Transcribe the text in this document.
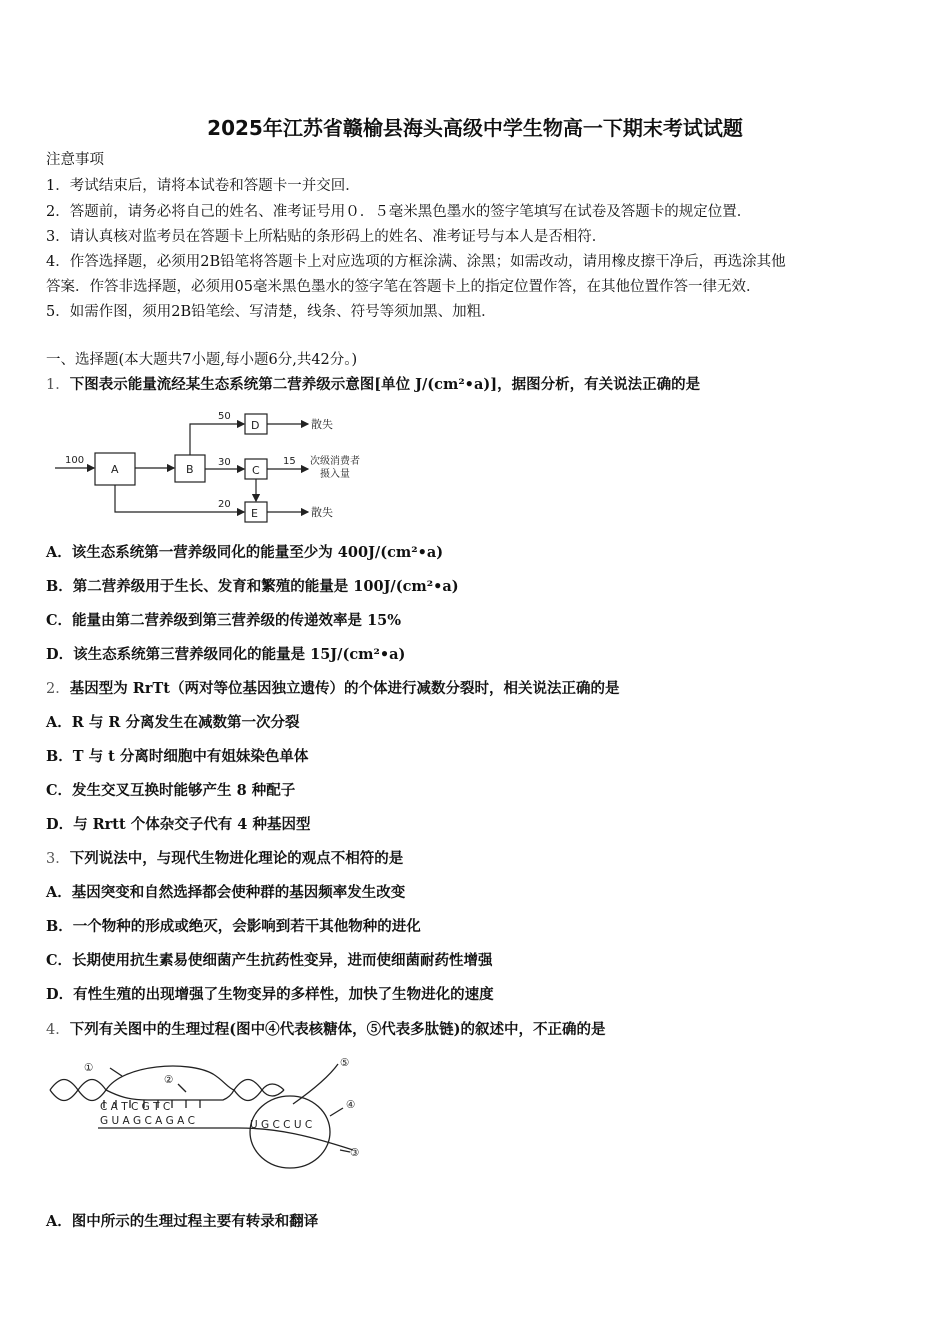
2025年江苏省赣榆县海头高级中学生物高一下期末考试试题
注意事项
1．考试结束后，请将本试卷和答题卡一并交回．
2．答题前，请务必将自己的姓名、准考证号用０．５毫米黑色墨水的签字笔填写在试卷及答题卡的规定位置．
3．请认真核对监考员在答题卡上所粘贴的条形码上的姓名、准考证号与本人是否相符．
4．作答选择题，必须用2B铅笔将答题卡上对应选项的方框涂满、涂黑；如需改动，请用橡皮擦干净后，再选涂其他
答案．作答非选择题，必须用05毫米黑色墨水的签字笔在答题卡上的指定位置作答，在其他位置作答一律无效．
5．如需作图，须用2B铅笔绘、写清楚，线条、符号等须加黑、加粗．
一、选择题(本大题共7小题,每小题6分,共42分。)
1．下图表示能量流经某生态系统第二营养级示意图[单位 J/(cm²•a)]，据图分析，有关说法正确的是
100
50
30	15
20
A	B	C
D
E
散失
散失
次级消费者
摄入量
A．该生态系统第一营养级同化的能量至少为 400J/(cm²•a)
B．第二营养级用于生长、发育和繁殖的能量是 100J/(cm²•a)
C．能量由第二营养级到第三营养级的传递效率是 15%
D．该生态系统第三营养级同化的能量是 15J/(cm²•a)
2．基因型为 RrTt（两对等位基因独立遗传）的个体进行减数分裂时，相关说法正确的是
A．R 与 R 分离发生在减数第一次分裂
B．T 与 t 分离时细胞中有姐妹染色单体
C．发生交叉互换时能够产生 8 种配子
D．与 Rrtt 个体杂交子代有 4 种基因型
3．下列说法中，与现代生物进化理论的观点不相符的是
A．基因突变和自然选择都会使种群的基因频率发生改变
B．一个物种的形成或绝灭，会影响到若干其他物种的进化
C．长期使用抗生素易使细菌产生抗药性变异，进而使细菌耐药性增强
D．有性生殖的出现增强了生物变异的多样性，加快了生物进化的速度
4．下列有关图中的生理过程(图中④代表核糖体，⑤代表多肽链)的叙述中，不正确的是
①
②
③
④
⑤
C A T C G T C
G U A G C A G A C	U G C C U C
A．图中所示的生理过程主要有转录和翻译
